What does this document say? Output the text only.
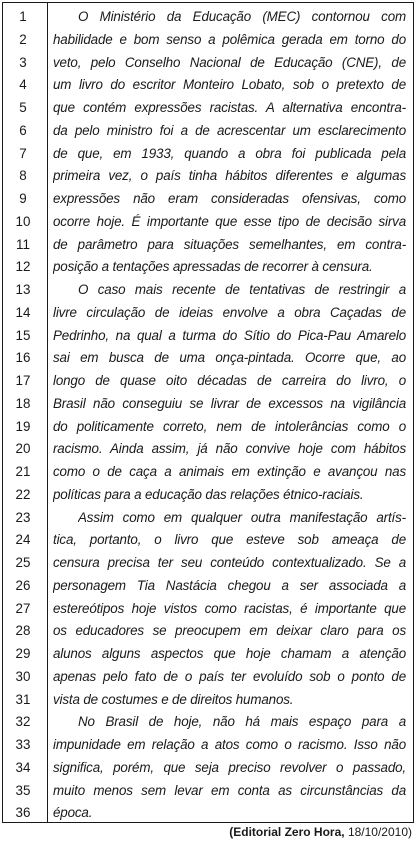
1	O Ministério da Educação (MEC) contornou com
2	habilidade e bom senso a polêmica gerada em torno do
3	veto, pelo Conselho Nacional de Educação (CNE), de
4	um livro do escritor Monteiro Lobato, sob o pretexto de
5	que contém expressões racistas. A alternativa encontra-
6	da pelo ministro foi a de acrescentar um esclarecimento
7	de que, em 1933, quando a obra foi publicada pela
8	primeira vez, o país tinha hábitos diferentes e algumas
9	expressões não eram consideradas ofensivas, como
10	ocorre hoje. É importante que esse tipo de decisão sirva
11	de parâmetro para situações semelhantes, em contra-
12	posição a tentações apressadas de recorrer à censura.
13	O caso mais recente de tentativas de restringir a
14	livre circulação de ideias envolve a obra Caçadas de
15	Pedrinho, na qual a turma do Sítio do Pica-Pau Amarelo
16	sai em busca de uma onça-pintada. Ocorre que, ao
17	longo de quase oito décadas de carreira do livro, o
18	Brasil não conseguiu se livrar de excessos na vigilância
19	do politicamente correto, nem de intolerâncias como o
20	racismo. Ainda assim, já não convive hoje com hábitos
21	como o de caça a animais em extinção e avançou nas
22	políticas para a educação das relações étnico-raciais.
23	Assim como em qualquer outra manifestação artís-
24	tica, portanto, o livro que esteve sob ameaça de
25	censura precisa ter seu conteúdo contextualizado. Se a
26	personagem Tia Nastácia chegou a ser associada a
27	estereótipos hoje vistos como racistas, é importante que
28	os educadores se preocupem em deixar claro para os
29	alunos alguns aspectos que hoje chamam a atenção
30	apenas pelo fato de o país ter evoluído sob o ponto de
31	vista de costumes e de direitos humanos.
32	No Brasil de hoje, não há mais espaço para a
33	impunidade em relação a atos como o racismo. Isso não
34	significa, porém, que seja preciso revolver o passado,
35	muito menos sem levar em conta as circunstâncias da
36	época.
(Editorial Zero Hora, 18/10/2010)
